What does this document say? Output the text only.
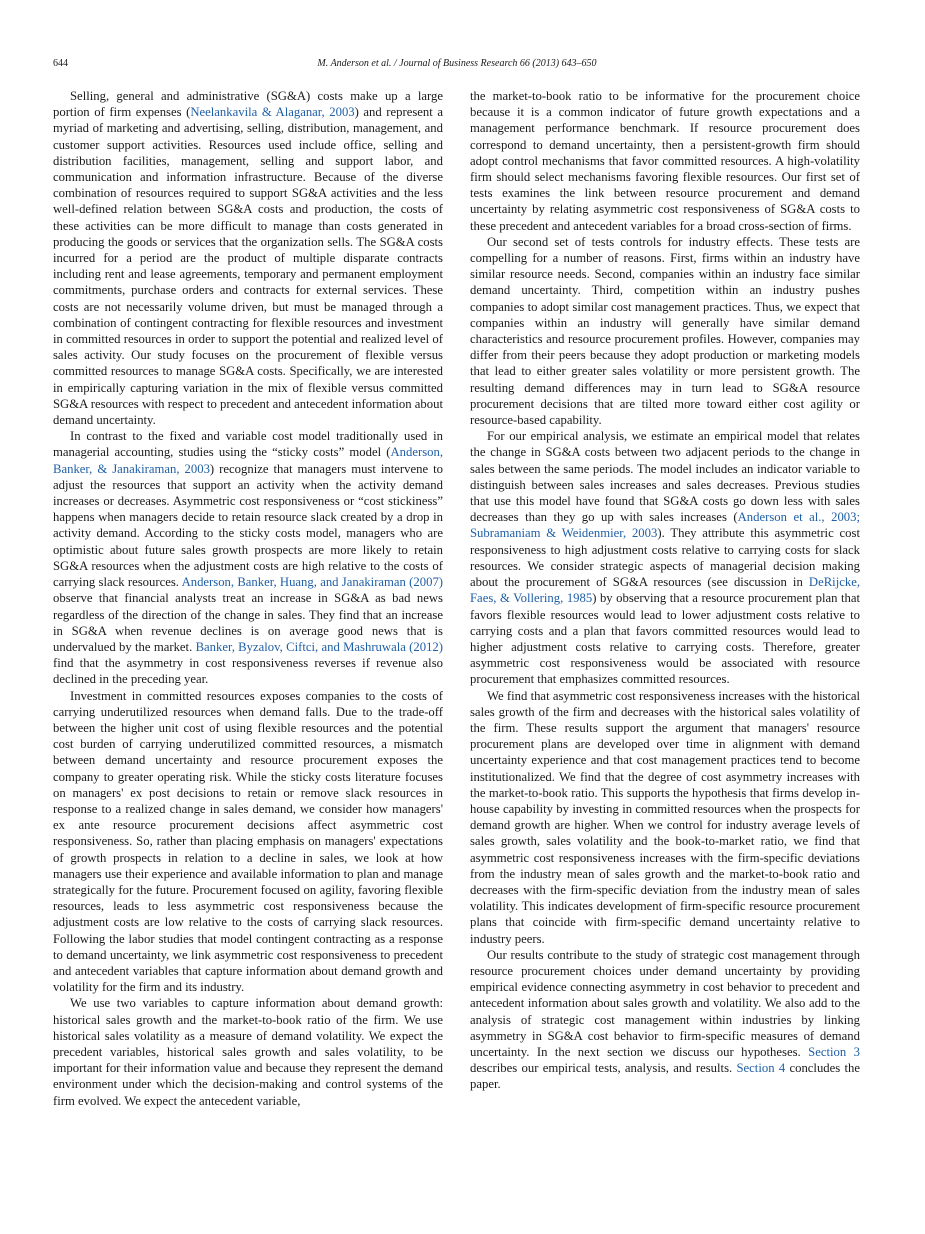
644	M. Anderson et al. / Journal of Business Research 66 (2013) 643–650

Selling, general and administrative (SG&A) costs make up a large portion of firm expenses (Neelankavila & Alaganar, 2003) and represent a myriad of marketing and advertising, selling, distribution, management, and customer support activities. Resources used include office, selling and distribution facilities, management, selling and support labor, and communication and information infrastructure. Because of the diverse combination of resources required to support SG&A activities and the less well-defined relation between SG&A costs and production, the costs of these activities can be more difficult to manage than costs generated in producing the goods or services that the organization sells. The SG&A costs incurred for a period are the product of multiple disparate contracts including rent and lease agreements, temporary and permanent employment commitments, purchase orders and contracts for external services. These costs are not necessarily volume driven, but must be managed through a combination of contingent contracting for flexible resources and investment in committed resources in order to support the potential and realized level of sales activity. Our study focuses on the procurement of flexible versus committed resources to manage SG&A costs. Specifically, we are interested in empirically capturing variation in the mix of flexible versus committed SG&A resources with respect to precedent and antecedent information about demand uncertainty.

In contrast to the fixed and variable cost model traditionally used in managerial accounting, studies using the “sticky costs” model (Anderson, Banker, & Janakiraman, 2003) recognize that managers must intervene to adjust the resources that support an activity when the activity demand increases or decreases. Asymmetric cost responsiveness or “cost stickiness” happens when managers decide to retain resource slack created by a drop in activity demand. According to the sticky costs model, managers who are optimistic about future sales growth prospects are more likely to retain SG&A resources when the adjustment costs are high relative to the costs of carrying slack resources. Anderson, Banker, Huang, and Janakiraman (2007) observe that financial analysts treat an increase in SG&A as bad news regardless of the direction of the change in sales. They find that an increase in SG&A when revenue declines is on average good news that is undervalued by the market. Banker, Byzalov, Ciftci, and Mashruwala (2012) find that the asymmetry in cost responsiveness reverses if revenue also declined in the preceding year.

Investment in committed resources exposes companies to the costs of carrying underutilized resources when demand falls. Due to the trade-off between the higher unit cost of using flexible resources and the potential cost burden of carrying underutilized committed resources, a mismatch between demand uncertainty and resource procurement exposes the company to greater operating risk. While the sticky costs literature focuses on managers' ex post decisions to retain or remove slack resources in response to a realized change in sales demand, we consider how managers' ex ante resource procurement decisions affect asymmetric cost responsiveness. So, rather than placing emphasis on managers' expectations of growth prospects in relation to a decline in sales, we look at how managers use their experience and available information to plan and manage strategically for the future. Procurement focused on agility, favoring flexible resources, leads to less asymmetric cost responsiveness because the adjustment costs are low relative to the costs of carrying slack resources. Following the labor studies that model contingent contracting as a response to demand uncertainty, we link asymmetric cost responsiveness to precedent and antecedent variables that capture information about demand growth and volatility for the firm and its industry.

We use two variables to capture information about demand growth: historical sales growth and the market-to-book ratio of the firm. We use historical sales volatility as a measure of demand volatility. We expect the precedent variables, historical sales growth and sales volatility, to be important for their information value and because they represent the demand environment under which the decision-making and control systems of the firm evolved. We expect the antecedent variable,

the market-to-book ratio to be informative for the procurement choice because it is a common indicator of future growth expectations and a management performance benchmark. If resource procurement does correspond to demand uncertainty, then a persistent-growth firm should adopt control mechanisms that favor committed resources. A high-volatility firm should select mechanisms favoring flexible resources. Our first set of tests examines the link between resource procurement and demand uncertainty by relating asymmetric cost responsiveness of SG&A costs to these precedent and antecedent variables for a broad cross-section of firms.

Our second set of tests controls for industry effects. These tests are compelling for a number of reasons. First, firms within an industry have similar resource needs. Second, companies within an industry face similar demand uncertainty. Third, competition within an industry pushes companies to adopt similar cost management practices. Thus, we expect that companies within an industry will generally have similar demand characteristics and resource procurement profiles. However, companies may differ from their peers because they adopt production or marketing models that lead to either greater sales volatility or more persistent growth. The resulting demand differences may in turn lead to SG&A resource procurement decisions that are tilted more toward either cost agility or resource-based capability.

For our empirical analysis, we estimate an empirical model that relates the change in SG&A costs between two adjacent periods to the change in sales between the same periods. The model includes an indicator variable to distinguish between sales increases and sales decreases. Previous studies that use this model have found that SG&A costs go down less with sales decreases than they go up with sales increases (Anderson et al., 2003; Subramaniam & Weidenmier, 2003). They attribute this asymmetric cost responsiveness to high adjustment costs relative to carrying costs for slack resources. We consider strategic aspects of managerial decision making about the procurement of SG&A resources (see discussion in DeRijcke, Faes, & Vollering, 1985) by observing that a resource procurement plan that favors flexible resources would lead to lower adjustment costs relative to carrying costs and a plan that favors committed resources would lead to higher adjustment costs relative to carrying costs. Therefore, greater asymmetric cost responsiveness would be associated with resource procurement that emphasizes committed resources.

We find that asymmetric cost responsiveness increases with the historical sales growth of the firm and decreases with the historical sales volatility of the firm. These results support the argument that managers' resource procurement plans are developed over time in alignment with demand uncertainty experience and that cost management practices tend to become institutionalized. We find that the degree of cost asymmetry increases with the market-to-book ratio. This supports the hypothesis that firms develop in-house capability by investing in committed resources when the prospects for demand growth are higher. When we control for industry average levels of sales growth, sales volatility and the book-to-market ratio, we find that asymmetric cost responsiveness increases with the firm-specific deviations from the industry mean of sales growth and the market-to-book ratio and decreases with the firm-specific deviation from the industry mean of sales volatility. This indicates development of firm-specific resource procurement plans that coincide with firm-specific demand uncertainty relative to industry peers.

Our results contribute to the study of strategic cost management through resource procurement choices under demand uncertainty by providing empirical evidence connecting asymmetry in cost behavior to precedent and antecedent information about sales growth and volatility. We also add to the analysis of strategic cost management within industries by linking asymmetry in SG&A cost behavior to firm-specific measures of demand uncertainty. In the next section we discuss our hypotheses. Section 3 describes our empirical tests, analysis, and results. Section 4 concludes the paper.
